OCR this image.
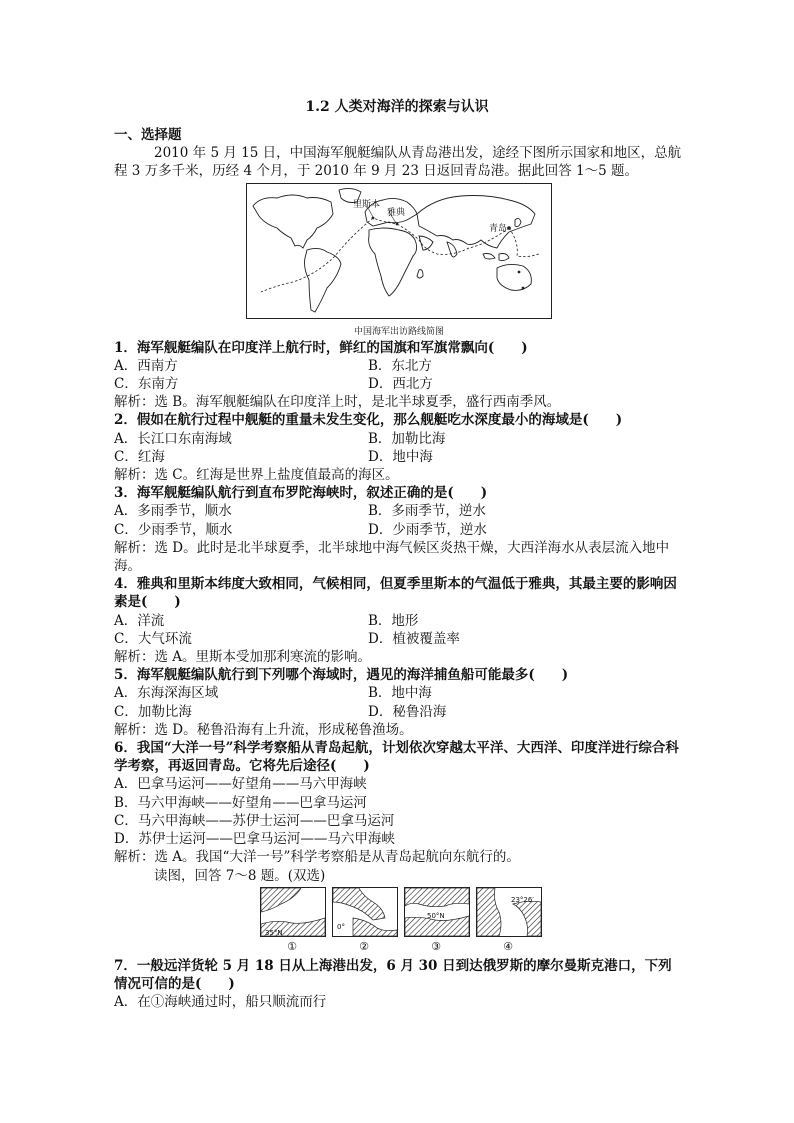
1.2 人类对海洋的探索与认识

一、选择题

2010 年 5 月 15 日，中国海军舰艇编队从青岛港出发，途经下图所示国家和地区，总航程 3 万多千米，历经 4 个月，于 2010 年 9 月 23 日返回青岛港。据此回答 1～5 题。

里斯本
雅典
青岛
中国海军出访路线简图

1．海军舰艇编队在印度洋上航行时，鲜红的国旗和军旗常飘向(　　)

A．西南方	B．东北方
C．东南方	D．西北方

解析：选 B。海军舰艇编队在印度洋上时，是北半球夏季，盛行西南季风。

2．假如在航行过程中舰艇的重量未发生变化，那么舰艇吃水深度最小的海域是(　　)

A．长江口东南海域	B．加勒比海
C．红海	D．地中海

解析：选 C。红海是世界上盐度值最高的海区。

3．海军舰艇编队航行到直布罗陀海峡时，叙述正确的是(　　)

A．多雨季节，顺水	B．多雨季节，逆水
C．少雨季节，顺水	D．少雨季节，逆水

解析：选 D。此时是北半球夏季，北半球地中海气候区炎热干燥，大西洋海水从表层流入地中海。

4．雅典和里斯本纬度大致相同，气候相同，但夏季里斯本的气温低于雅典，其最主要的影响因素是(　　)

A．洋流	B．地形
C．大气环流	D．植被覆盖率

解析：选 A。里斯本受加那利寒流的影响。

5．海军舰艇编队航行到下列哪个海域时，遇见的海洋捕鱼船可能最多(　　)

A．东海深海区域	B．地中海
C．加勒比海	D．秘鲁沿海

解析：选 D。秘鲁沿海有上升流，形成秘鲁渔场。

6．我国“大洋一号”科学考察船从青岛起航，计划依次穿越太平洋、大西洋、印度洋进行综合科学考察，再返回青岛。它将先后途径(　　)

A．巴拿马运河——好望角——马六甲海峡

B．马六甲海峡——好望角——巴拿马运河

C．马六甲海峡——苏伊士运河——巴拿马运河

D．苏伊士运河——巴拿马运河——马六甲海峡

解析：选 A。我国“大洋一号”科学考察船是从青岛起航向东航行的。

读图，回答 7～8 题。(双选)

35°N
0°
50°N
23°26′
①	②	③	④

7．一般远洋货轮 5 月 18 日从上海港出发，6 月 30 日到达俄罗斯的摩尔曼斯克港口，下列情况可信的是(　　)

A．在①海峡通过时，船只顺流而行
